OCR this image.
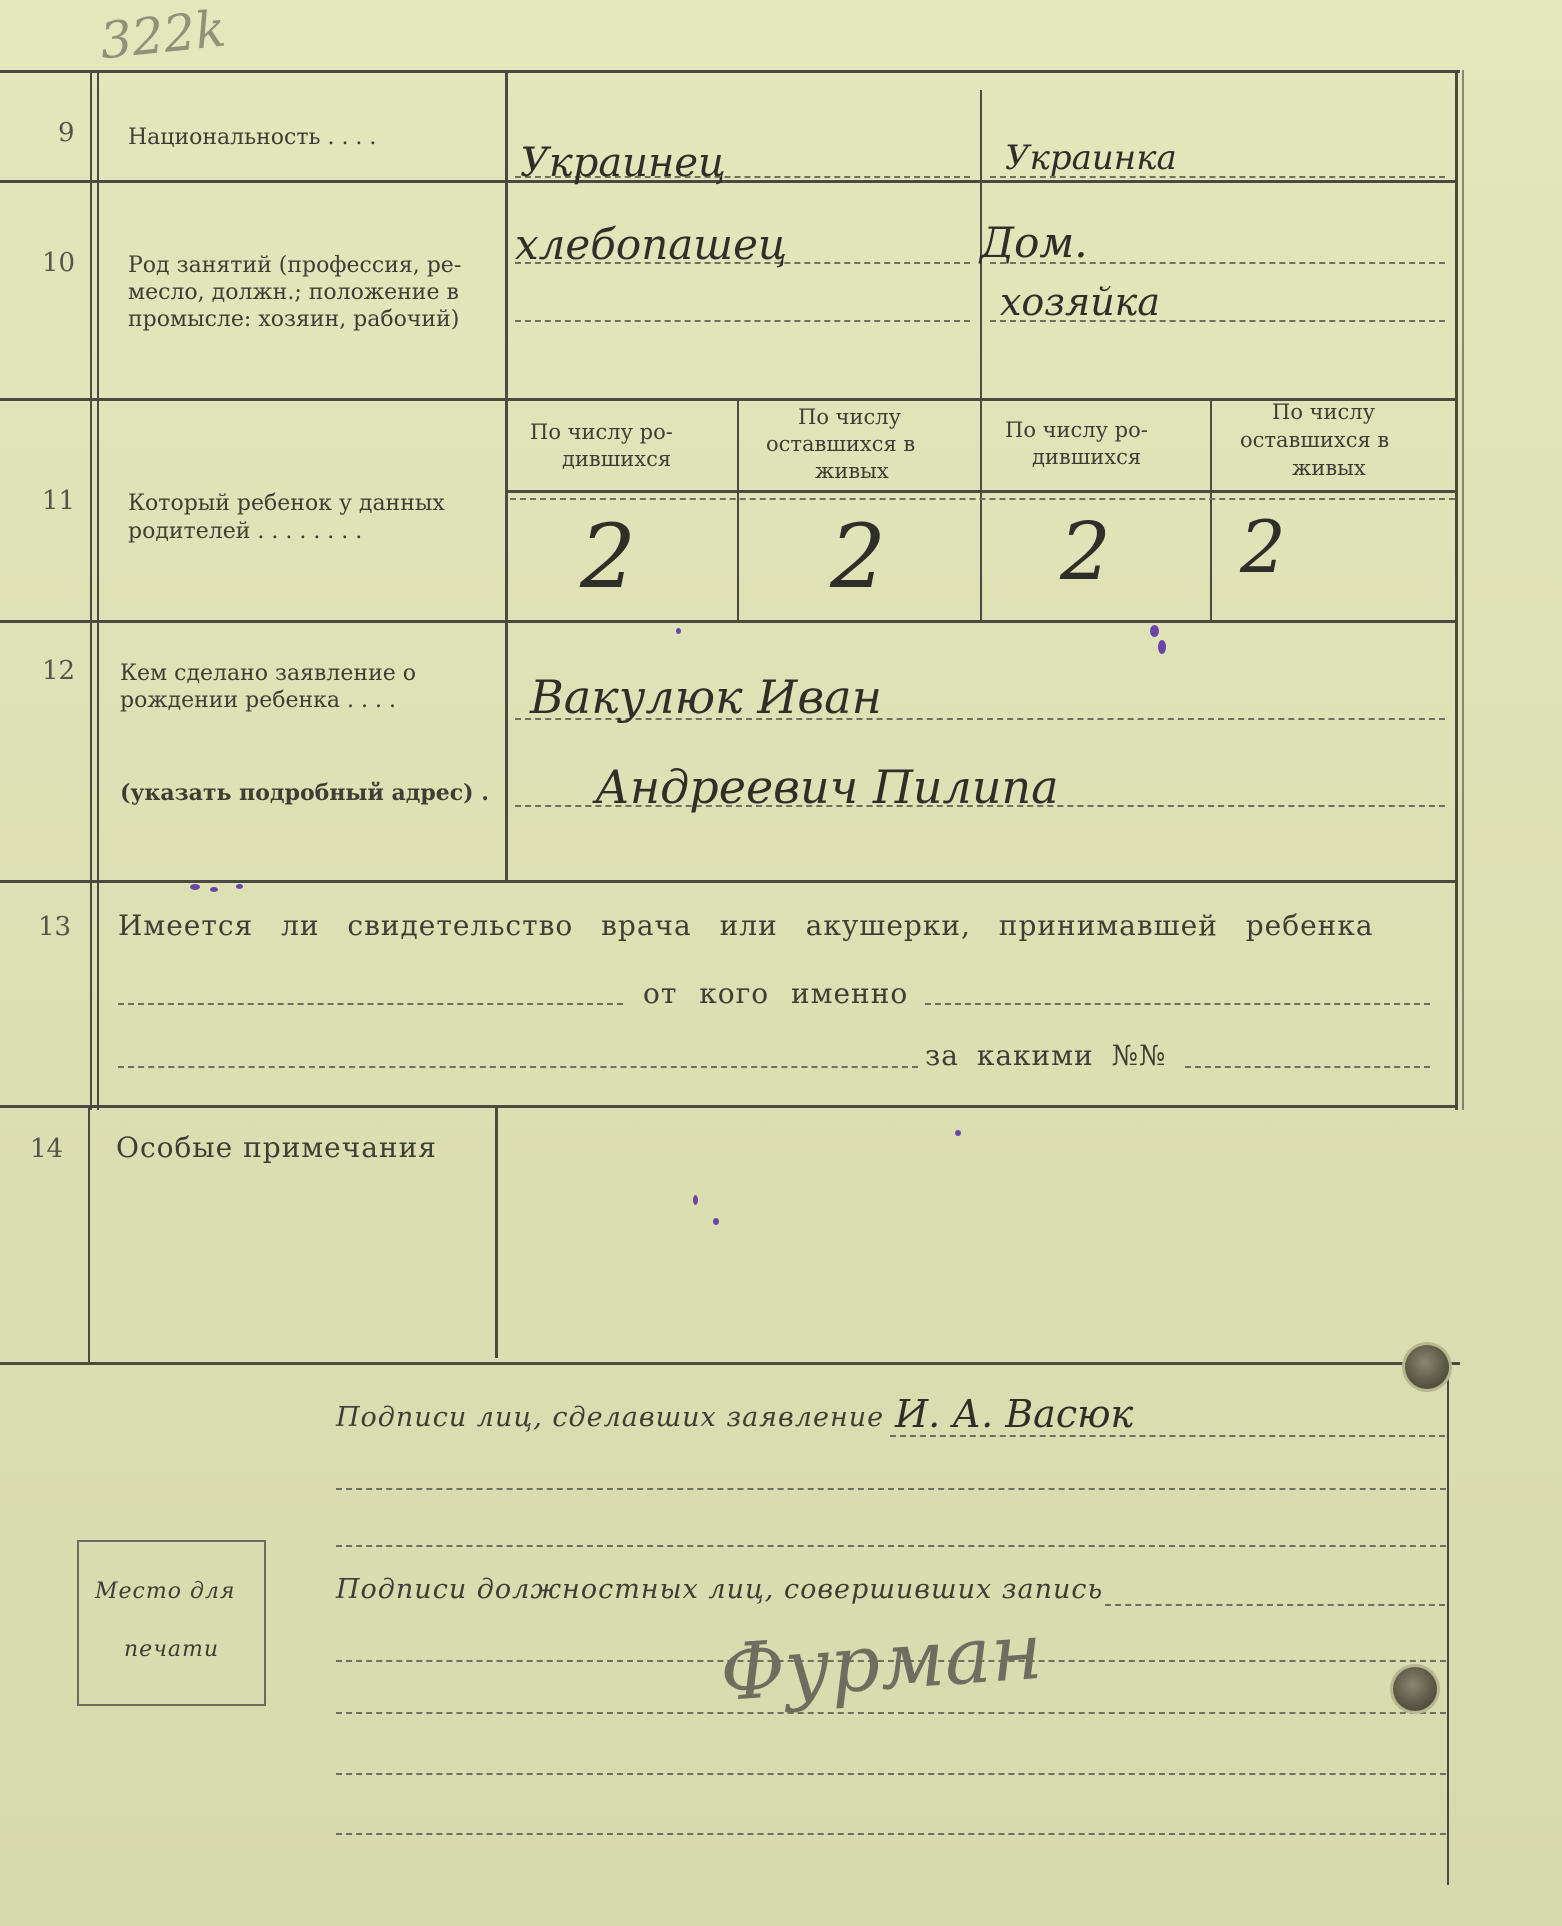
322k
9 Национальность . . . .
Украинец	Украинка
10 Род занятий (профессия, ре-
месло, должн.; положение в
промысле: хозяин, рабочий)
хлебопашец	Дом.
хозяйка
11 Который ребенок у данных
родителей . . . . . . . .
По числу ро-
дившихся
По числу
оставшихся в
живых
По числу ро-
дившихся
По числу
оставшихся в
живых
2 2 2 2
12 Кем сделано заявление о
рождении ребенка . . . .
(указать подробный адрес) .
Вакулюк Иван
Андреевич Пилипа
13 Имеется ли свидетельство врача или акушерки, принимавшей ребенка
от кого именно
за какими №№
14 Особые примечания
Подписи лиц, сделавших заявление И. А. Васюк
Подписи должностных лиц, совершивших запись
Фурман
Место для
печати
